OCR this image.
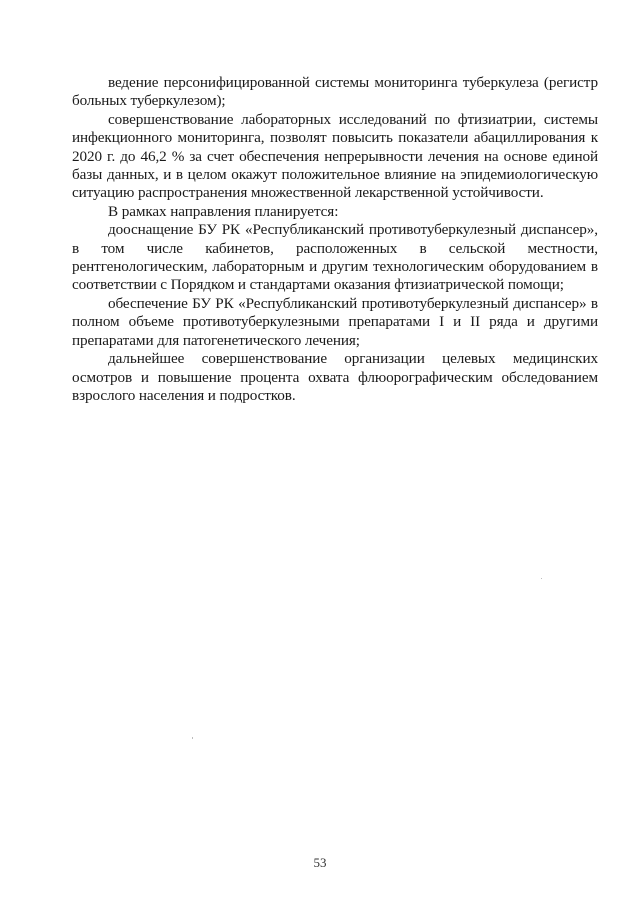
ведение персонифицированной системы мониторинга туберкулеза (регистр больных туберкулезом);

совершенствование лабораторных исследований по фтизиатрии, системы инфекционного мониторинга, позволят повысить показатели абациллирования к 2020 г. до 46,2 % за счет обеспечения непрерывности лечения на основе единой базы данных, и в целом окажут положительное влияние на эпидемиологическую ситуацию распространения множественной лекарственной устойчивости.

В рамках направления планируется:

дооснащение БУ РК «Республиканский противотуберкулезный диспансер», в том числе кабинетов, расположенных в сельской местности, рентгенологическим, лабораторным и другим технологическим оборудованием в соответствии с Порядком и стандартами оказания фтизиатрической помощи;

обеспечение БУ РК «Республиканский противотуберкулезный диспансер» в полном объеме противотуберкулезными препаратами I и II ряда и другими препаратами для патогенетического лечения;

дальнейшее совершенствование организации целевых медицинских осмотров и повышение процента охвата флюорографическим обследованием взрослого населения и подростков.

53
